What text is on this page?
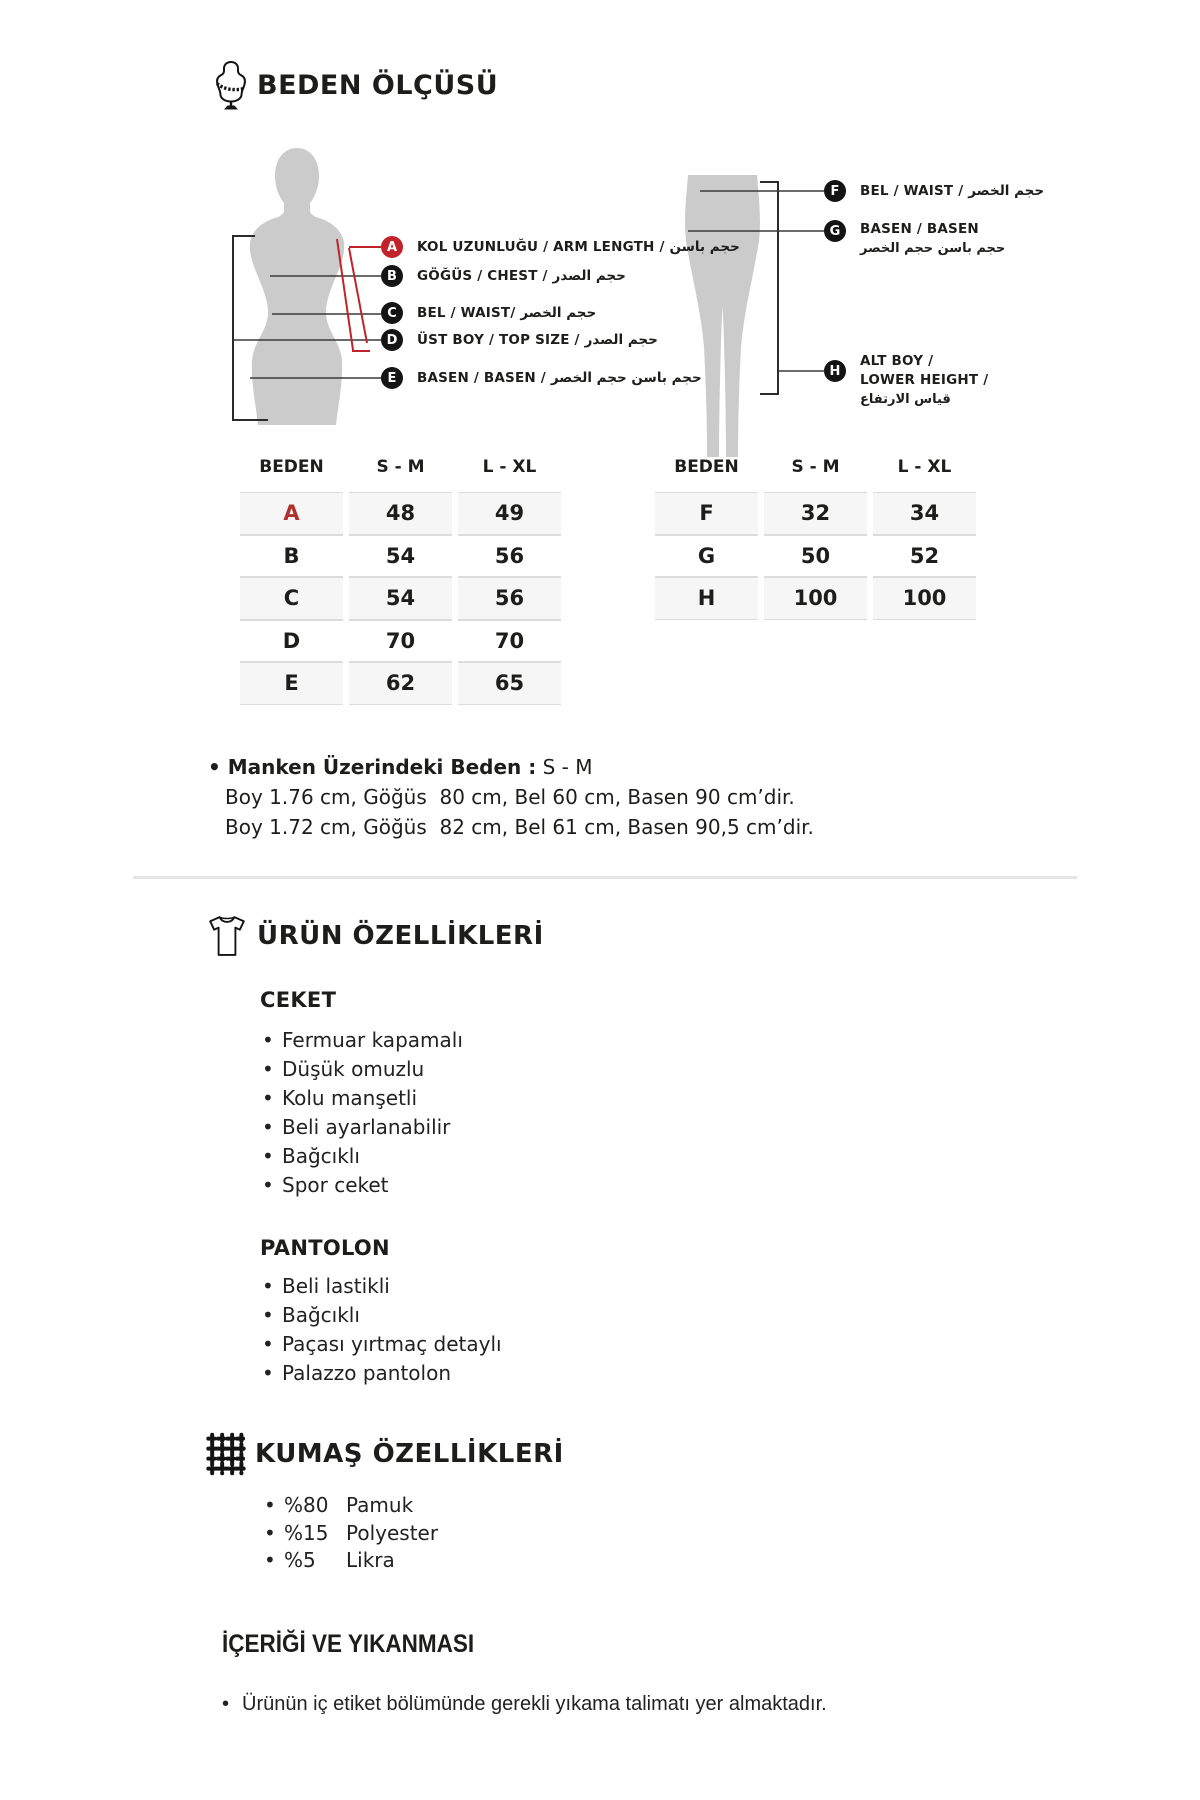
BEDEN ÖLÇÜSÜ
A	KOL UZUNLUĞU / ARM LENGTH / حجم باسن
B	GÖĞÜS / CHEST / حجم الصدر
C	BEL / WAIST/ حجم الخصر
D	ÜST BOY / TOP SIZE / حجم الصدر
E	BASEN / BASEN / حجم باسن حجم الخصر
F	BEL / WAIST / حجم الخصر
G	BASEN / BASEN
حجم باسن حجم الخصر
H
ALT BOY /
LOWER HEIGHT /
قياس الارتفاع
BEDEN	S - M	L - XL
A	48	49
B	54	56
C	54	56
D	70	70
E	62	65
BEDEN	S - M	L - XL
F	32	34
G	50	52
H	100	100
• Manken Üzerindeki Beden : S - M
Boy 1.76 cm, Göğüs  80 cm, Bel 60 cm, Basen 90 cm’dir.
Boy 1.72 cm, Göğüs  82 cm, Bel 61 cm, Basen 90,5 cm’dir.
ÜRÜN ÖZELLİKLERİ
CEKET
• Fermuar kapamalı
• Düşük omuzlu
• Kolu manşetli
• Beli ayarlanabilir
• Bağcıklı
• Spor ceket
PANTOLON
• Beli lastikli
• Bağcıklı
• Paçası yırtmaç detaylı
• Palazzo pantolon
KUMAŞ ÖZELLİKLERİ
• %80 Pamuk
• %15 Polyester
• %5	Likra
İÇERİĞİ VE YIKANMASI
• Ürünün iç etiket bölümünde gerekli yıkama talimatı yer almaktadır.
